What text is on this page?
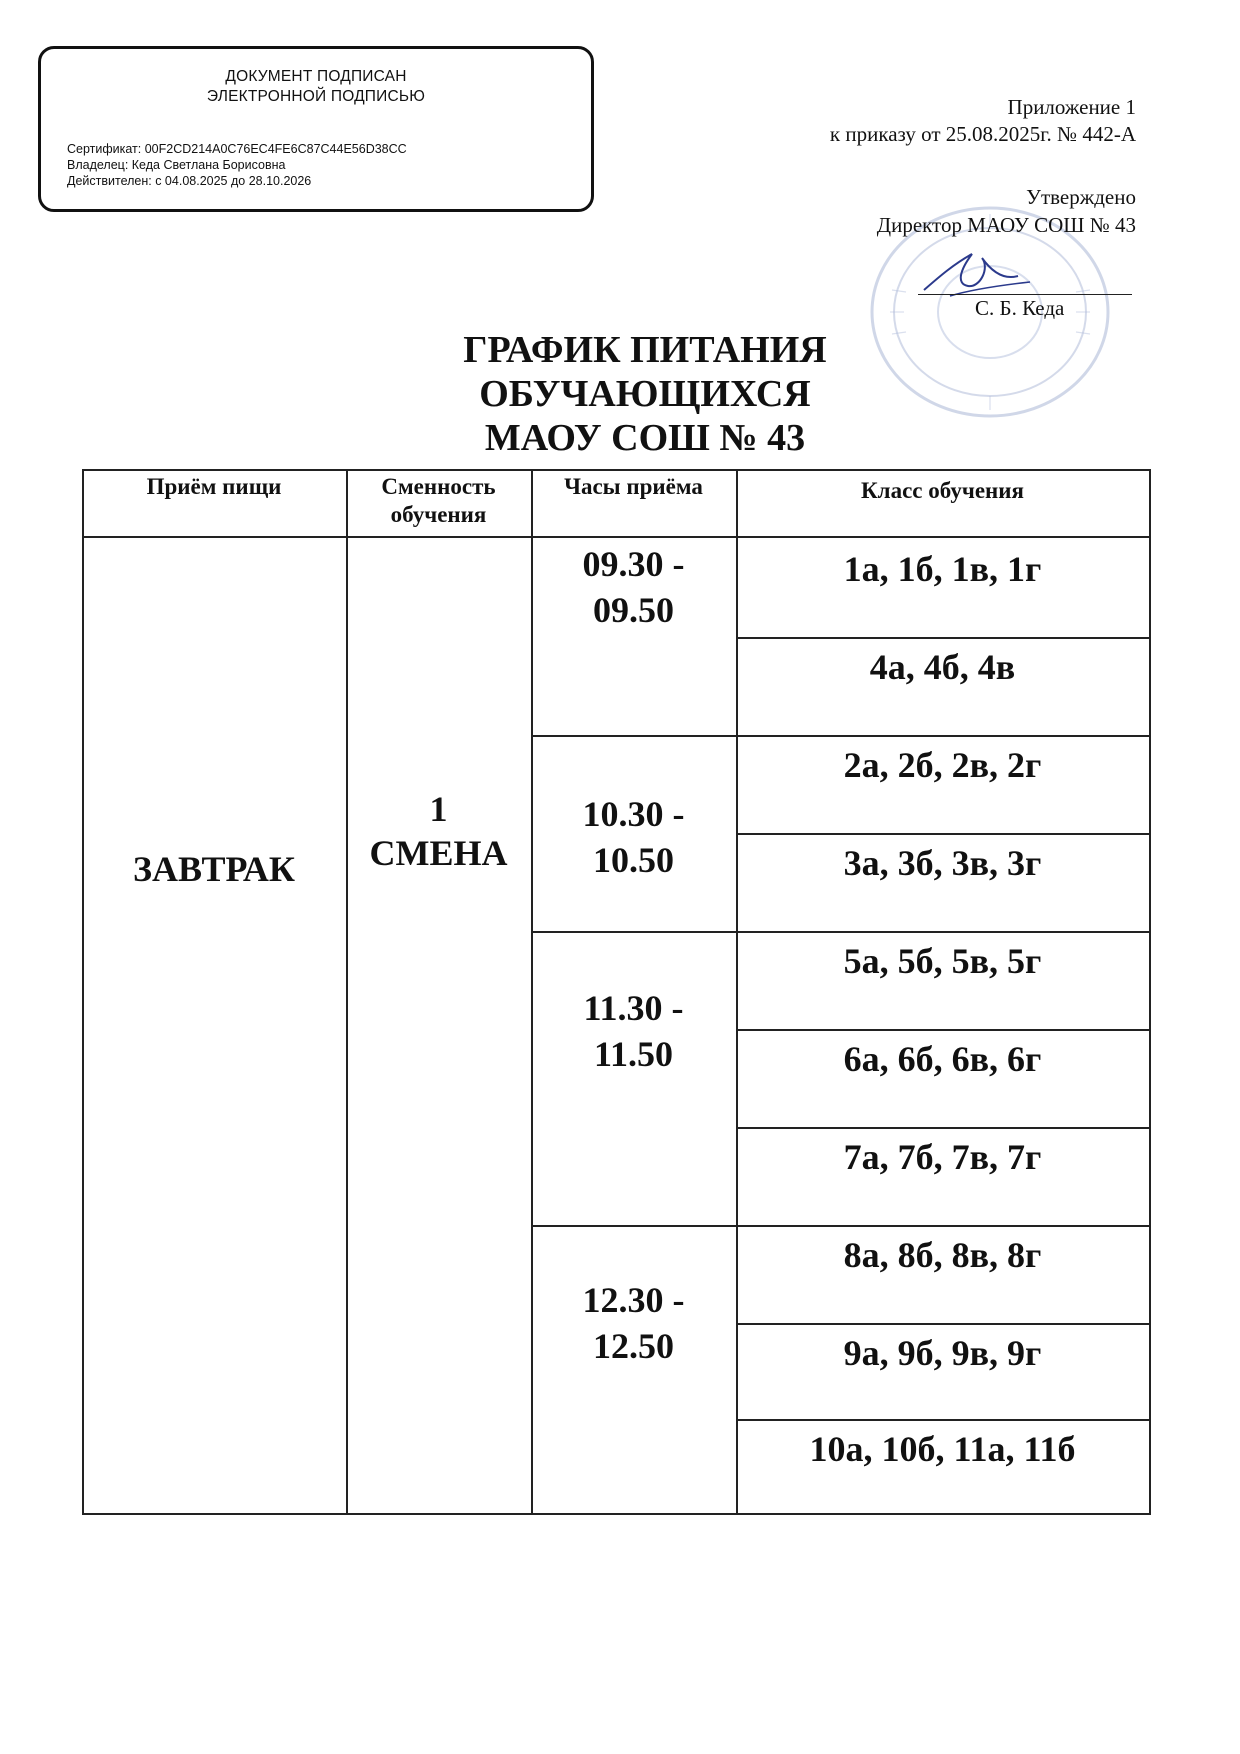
ДОКУМЕНТ ПОДПИСАН
ЭЛЕКТРОННОЙ ПОДПИСЬЮ
Сертификат: 00F2CD214A0C76EC4FE6C87C44E56D38CC
Владелец: Кеда Светлана Борисовна
Действителен: с 04.08.2025 до 28.10.2026
Приложение 1
к приказу от 25.08.2025г. № 442-А
Утверждено
Директор МАОУ СОШ № 43
С. Б. Кеда
ГРАФИК ПИТАНИЯ
ОБУЧАЮЩИХСЯ
МАОУ СОШ № 43
Приём пищи	Сменность обучения
Часы приёма	Класс обучения
ЗАВТРАК
1
СМЕНА
09.30 -
09.50
10.30 -
10.50
11.30 -
11.50
12.30 -
12.50
1а, 1б, 1в, 1г
4а, 4б, 4в
2а, 2б, 2в, 2г
3а, 3б, 3в, 3г
5а, 5б, 5в, 5г
6а, 6б, 6в, 6г
7а, 7б, 7в, 7г
8а, 8б, 8в, 8г
9а, 9б, 9в, 9г
10а, 10б, 11а, 11б
